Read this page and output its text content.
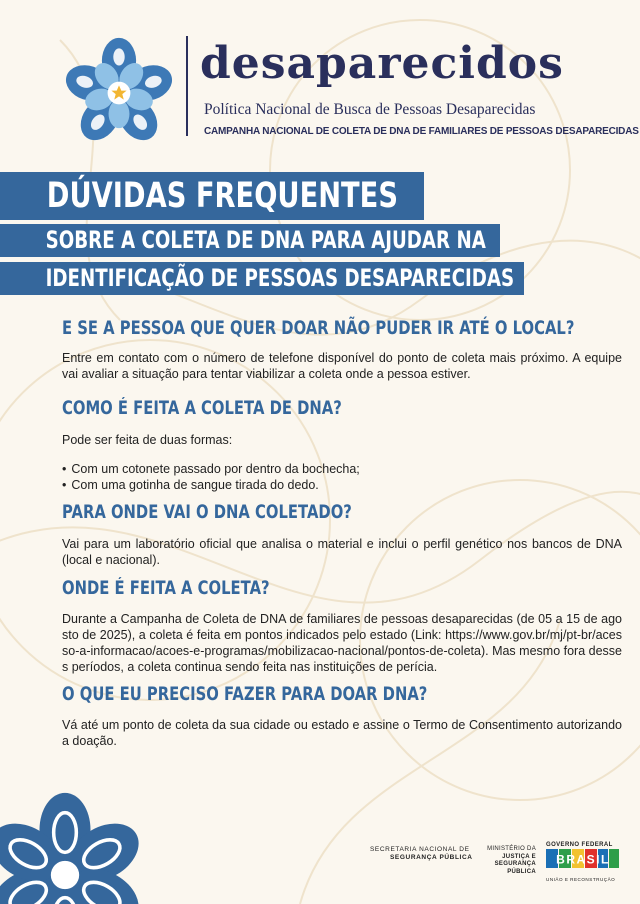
desaparecidos
Política Nacional de Busca de Pessoas Desaparecidas
CAMPANHA NACIONAL DE COLETA DE DNA DE FAMILIARES DE PESSOAS DESAPARECIDAS
DÚVIDAS FREQUENTES
SOBRE A COLETA DE DNA PARA AJUDAR NA
IDENTIFICAÇÃO DE PESSOAS DESAPARECIDAS
E SE A PESSOA QUE QUER DOAR NÃO PUDER IR ATÉ O LOCAL?

Entre em contato com o número de telefone disponível do ponto de coleta mais próximo. A equipe vai avaliar a situação para tentar viabilizar a coleta onde a pessoa estiver.

COMO É FEITA A COLETA DE DNA?

Pode ser feita de duas formas:

• Com um cotonete passado por dentro da bochecha;
• Com uma gotinha de sangue tirada do dedo.
PARA ONDE VAI O DNA COLETADO?

Vai para um laboratório oficial que analisa o material e inclui o perfil genético nos bancos de DNA (local e nacional).

ONDE É FEITA A COLETA?

Durante a Campanha de Coleta de DNA de familiares de pessoas desaparecidas (de 05 a 15 de agosto de 2025), a coleta é feita em pontos indicados pelo estado (Link: https://www.gov.br/mj/pt-br/acesso-a-informacao/acoes-e-programas/mobilizacao-nacional/pontos-de-coleta). Mas mesmo fora desses períodos, a coleta continua sendo feita nas instituições de perícia.

O QUE EU PRECISO FAZER PARA DOAR DNA?

Vá até um ponto de coleta da sua cidade ou estado e assine o Termo de Consentimento autorizando a doação.

SECRETARIA NACIONAL DE
SEGURANÇA PÚBLICA
MINISTÉRIO DA
JUSTIÇA E
SEGURANÇA PÚBLICA
GOVERNO FEDERAL
BRASIL
UNIÃO E RECONSTRUÇÃO
